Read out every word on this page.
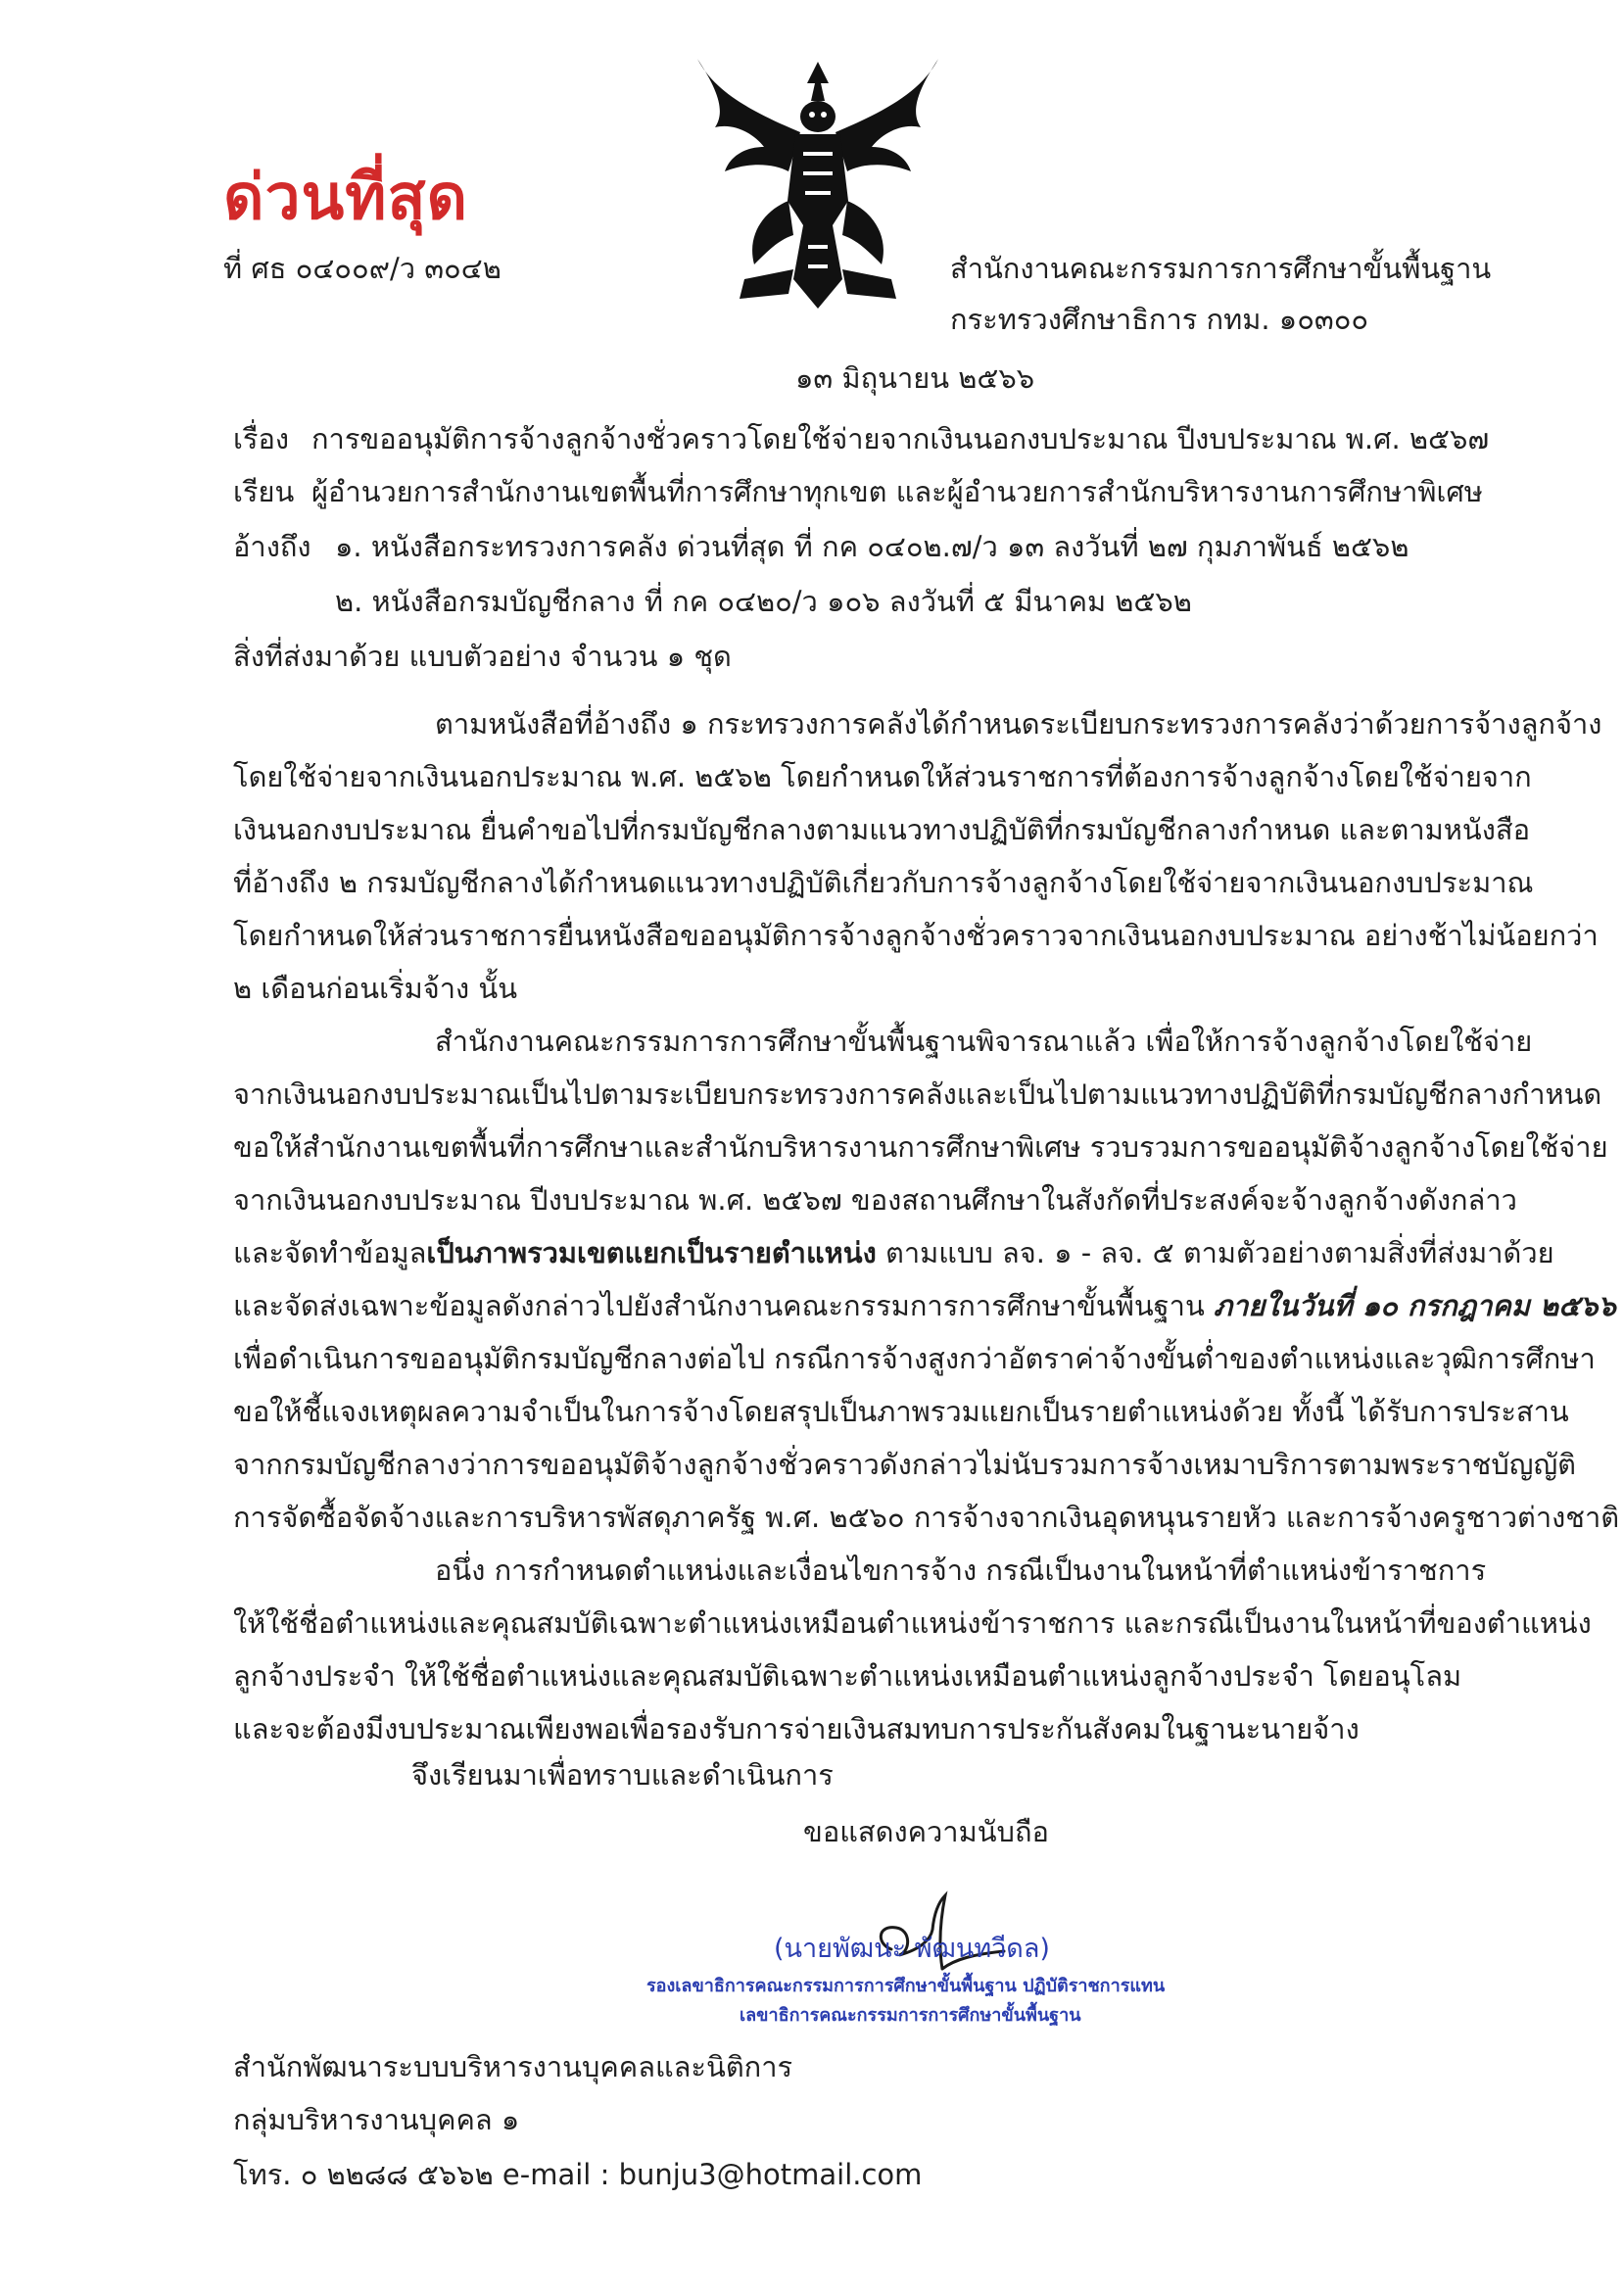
ด่วนที่สุด
ที่ ศธ ๐๔๐๐๙/ว ๓๐๔๒	สำนักงานคณะกรรมการการศึกษาขั้นพื้นฐาน
กระทรวงศึกษาธิการ กทม. ๑๐๓๐๐
๑๓ มิถุนายน ๒๕๖๖
เรื่อง การขออนุมัติการจ้างลูกจ้างชั่วคราวโดยใช้จ่ายจากเงินนอกงบประมาณ ปีงบประมาณ พ.ศ. ๒๕๖๗
เรียน ผู้อำนวยการสำนักงานเขตพื้นที่การศึกษาทุกเขต และผู้อำนวยการสำนักบริหารงานการศึกษาพิเศษ
อ้างถึง ๑. หนังสือกระทรวงการคลัง ด่วนที่สุด ที่ กค ๐๔๐๒.๗/ว ๑๓ ลงวันที่ ๒๗ กุมภาพันธ์ ๒๕๖๒
๒. หนังสือกรมบัญชีกลาง ที่ กค ๐๔๒๐/ว ๑๐๖ ลงวันที่ ๕ มีนาคม ๒๕๖๒
สิ่งที่ส่งมาด้วย แบบตัวอย่าง จำนวน ๑ ชุด
ตามหนังสือที่อ้างถึง ๑ กระทรวงการคลังได้กำหนดระเบียบกระทรวงการคลังว่าด้วยการจ้างลูกจ้าง
โดยใช้จ่ายจากเงินนอกประมาณ พ.ศ. ๒๕๖๒ โดยกำหนดให้ส่วนราชการที่ต้องการจ้างลูกจ้างโดยใช้จ่ายจาก
เงินนอกงบประมาณ ยื่นคำขอไปที่กรมบัญชีกลางตามแนวทางปฏิบัติที่กรมบัญชีกลางกำหนด และตามหนังสือ
ที่อ้างถึง ๒ กรมบัญชีกลางได้กำหนดแนวทางปฏิบัติเกี่ยวกับการจ้างลูกจ้างโดยใช้จ่ายจากเงินนอกงบประมาณ
โดยกำหนดให้ส่วนราชการยื่นหนังสือขออนุมัติการจ้างลูกจ้างชั่วคราวจากเงินนอกงบประมาณ อย่างช้าไม่น้อยกว่า
๒ เดือนก่อนเริ่มจ้าง นั้น
สำนักงานคณะกรรมการการศึกษาขั้นพื้นฐานพิจารณาแล้ว เพื่อให้การจ้างลูกจ้างโดยใช้จ่าย
จากเงินนอกงบประมาณเป็นไปตามระเบียบกระทรวงการคลังและเป็นไปตามแนวทางปฏิบัติที่กรมบัญชีกลางกำหนด
ขอให้สำนักงานเขตพื้นที่การศึกษาและสำนักบริหารงานการศึกษาพิเศษ รวบรวมการขออนุมัติจ้างลูกจ้างโดยใช้จ่าย
จากเงินนอกงบประมาณ ปีงบประมาณ พ.ศ. ๒๕๖๗ ของสถานศึกษาในสังกัดที่ประสงค์จะจ้างลูกจ้างดังกล่าว
และจัดทำข้อมูลเป็นภาพรวมเขตแยกเป็นรายตำแหน่ง ตามแบบ ลจ. ๑ - ลจ. ๕ ตามตัวอย่างตามสิ่งที่ส่งมาด้วย
และจัดส่งเฉพาะข้อมูลดังกล่าวไปยังสำนักงานคณะกรรมการการศึกษาขั้นพื้นฐาน ภายในวันที่ ๑๐ กรกฎาคม ๒๕๖๖
เพื่อดำเนินการขออนุมัติกรมบัญชีกลางต่อไป กรณีการจ้างสูงกว่าอัตราค่าจ้างขั้นต่ำของตำแหน่งและวุฒิการศึกษา
ขอให้ชี้แจงเหตุผลความจำเป็นในการจ้างโดยสรุปเป็นภาพรวมแยกเป็นรายตำแหน่งด้วย ทั้งนี้ ได้รับการประสาน
จากกรมบัญชีกลางว่าการขออนุมัติจ้างลูกจ้างชั่วคราวดังกล่าวไม่นับรวมการจ้างเหมาบริการตามพระราชบัญญัติ
การจัดซื้อจัดจ้างและการบริหารพัสดุภาครัฐ พ.ศ. ๒๕๖๐ การจ้างจากเงินอุดหนุนรายหัว และการจ้างครูชาวต่างชาติ
อนึ่ง การกำหนดตำแหน่งและเงื่อนไขการจ้าง กรณีเป็นงานในหน้าที่ตำแหน่งข้าราชการ
ให้ใช้ชื่อตำแหน่งและคุณสมบัติเฉพาะตำแหน่งเหมือนตำแหน่งข้าราชการ และกรณีเป็นงานในหน้าที่ของตำแหน่ง
ลูกจ้างประจำ ให้ใช้ชื่อตำแหน่งและคุณสมบัติเฉพาะตำแหน่งเหมือนตำแหน่งลูกจ้างประจำ โดยอนุโลม
และจะต้องมีงบประมาณเพียงพอเพื่อรองรับการจ่ายเงินสมทบการประกันสังคมในฐานะนายจ้าง
จึงเรียนมาเพื่อทราบและดำเนินการ
ขอแสดงความนับถือ
(นายพัฒนะ พัฒนทวีดล)
รองเลขาธิการคณะกรรมการการศึกษาขั้นพื้นฐาน ปฏิบัติราชการแทน
เลขาธิการคณะกรรมการการศึกษาขั้นพื้นฐาน
สำนักพัฒนาระบบบริหารงานบุคคลและนิติการ
กลุ่มบริหารงานบุคคล ๑
โทร. ๐ ๒๒๘๘ ๕๖๖๒ e-mail : bunju3@hotmail.com
